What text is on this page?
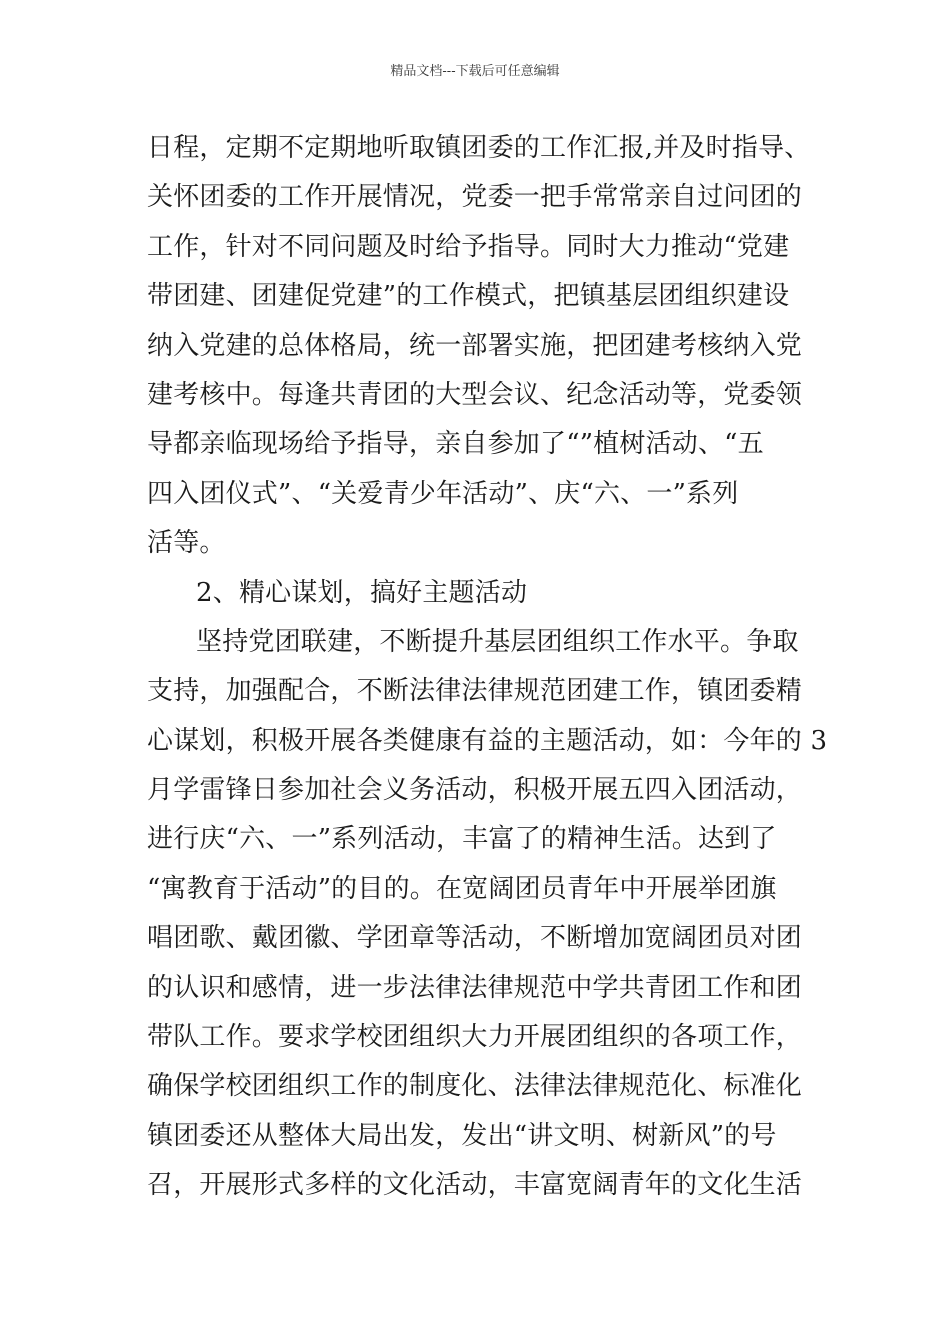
精品文档---下载后可任意编辑
日程，定期不定期地听取镇团委的工作汇报,并及时指导、
关怀团委的工作开展情况，党委一把手常常亲自过问团的
工作，针对不同问题及时给予指导。同时大力推动“党建
带团建、团建促党建”的工作模式，把镇基层团组织建设
纳入党建的总体格局，统一部署实施，把团建考核纳入党
建考核中。每逢共青团的大型会议、纪念活动等，党委领
导都亲临现场给予指导，亲自参加了“”植树活动、“五
四入团仪式”、“关爱青少年活动”、庆“六、一”系列
活等。
2、精心谋划，搞好主题活动
坚持党团联建，不断提升基层团组织工作水平。争取
支持，加强配合，不断法律法律规范团建工作，镇团委精
心谋划，积极开展各类健康有益的主题活动，如：今年的 3
月学雷锋日参加社会义务活动，积极开展五四入团活动，
进行庆“六、一”系列活动，丰富了的精神生活。达到了
“寓教育于活动”的目的。在宽阔团员青年中开展举团旗
唱团歌、戴团徽、学团章等活动，不断增加宽阔团员对团
的认识和感情，进一步法律法律规范中学共青团工作和团
带队工作。要求学校团组织大力开展团组织的各项工作，
确保学校团组织工作的制度化、法律法律规范化、标准化
镇团委还从整体大局出发，发出“讲文明、树新风”的号
召，开展形式多样的文化活动，丰富宽阔青年的文化生活
